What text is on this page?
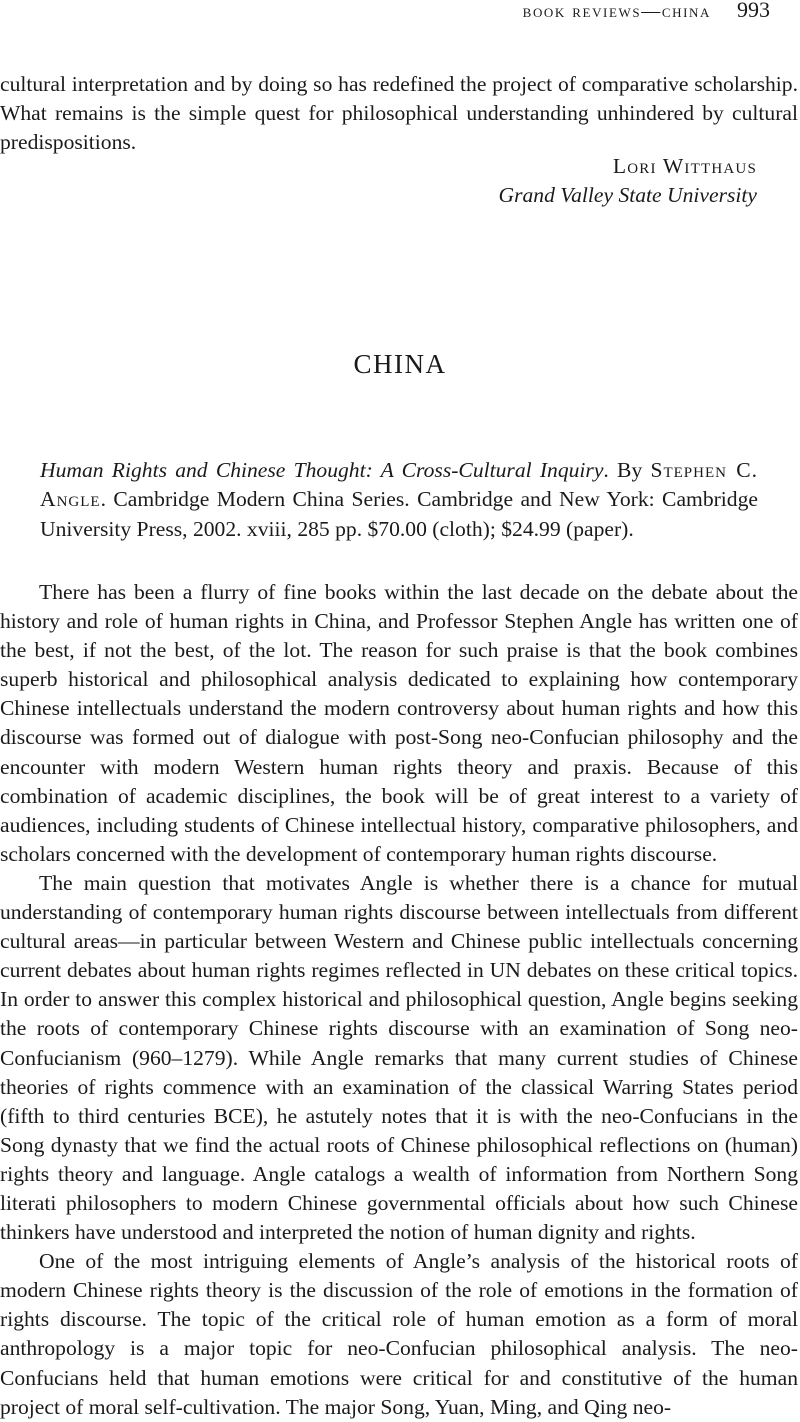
book reviews—china 993

cultural interpretation and by doing so has redefined the project of comparative scholarship. What remains is the simple quest for philosophical understanding unhindered by cultural predispositions.

Lori Witthaus
Grand Valley State University
CHINA
Human Rights and Chinese Thought: A Cross-Cultural Inquiry. By Stephen C. Angle. Cambridge Modern China Series. Cambridge and New York: Cambridge University Press, 2002. xviii, 285 pp. $70.00 (cloth); $24.99 (paper).

There has been a flurry of fine books within the last decade on the debate about the history and role of human rights in China, and Professor Stephen Angle has written one of the best, if not the best, of the lot. The reason for such praise is that the book combines superb historical and philosophical analysis dedicated to explaining how contemporary Chinese intellectuals understand the modern controversy about human rights and how this discourse was formed out of dialogue with post-Song neo-Confucian philosophy and the encounter with modern Western human rights theory and praxis. Because of this combination of academic disciplines, the book will be of great interest to a variety of audiences, including students of Chinese intellectual history, comparative philosophers, and scholars concerned with the development of contemporary human rights discourse.

The main question that motivates Angle is whether there is a chance for mutual understanding of contemporary human rights discourse between intellectuals from different cultural areas—in particular between Western and Chinese public intellectuals concerning current debates about human rights regimes reflected in UN debates on these critical topics. In order to answer this complex historical and philosophical question, Angle begins seeking the roots of contemporary Chinese rights discourse with an examination of Song neo-Confucianism (960–1279). While Angle remarks that many current studies of Chinese theories of rights commence with an examination of the classical Warring States period (fifth to third centuries BCE), he astutely notes that it is with the neo-Confucians in the Song dynasty that we find the actual roots of Chinese philosophical reflections on (human) rights theory and language. Angle catalogs a wealth of information from Northern Song literati philosophers to modern Chinese governmental officials about how such Chinese thinkers have understood and interpreted the notion of human dignity and rights.

One of the most intriguing elements of Angle’s analysis of the historical roots of modern Chinese rights theory is the discussion of the role of emotions in the formation of rights discourse. The topic of the critical role of human emotion as a form of moral anthropology is a major topic for neo-Confucian philosophical analysis. The neo-Confucians held that human emotions were critical for and constitutive of the human project of moral self-cultivation. The major Song, Yuan, Ming, and Qing neo-
